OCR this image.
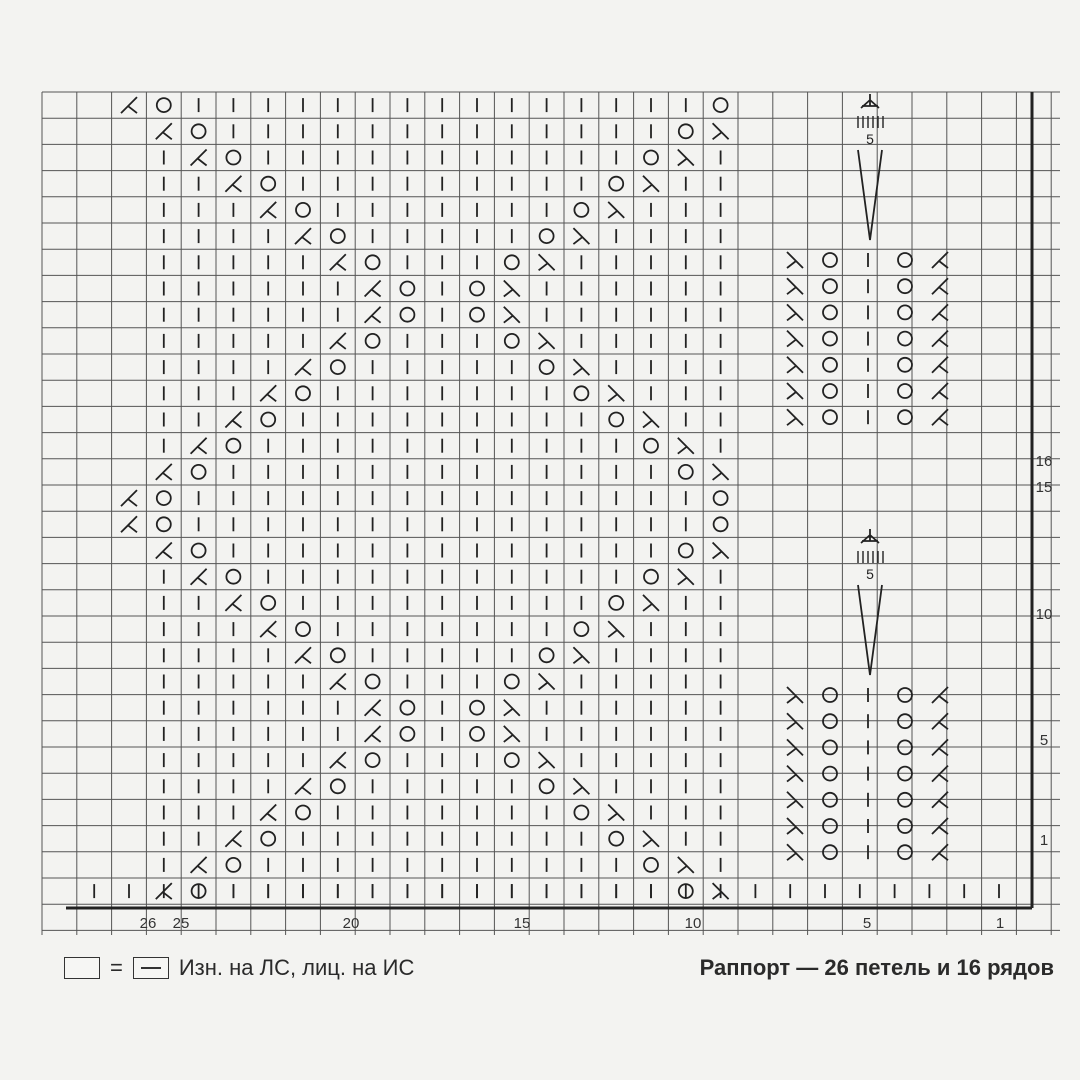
5
5
1
5
10
15
16
1
5
10
15
20
25
26
=	Изн. на ЛС, лиц. на ИС	Раппорт — 26 петель и 16 рядов
